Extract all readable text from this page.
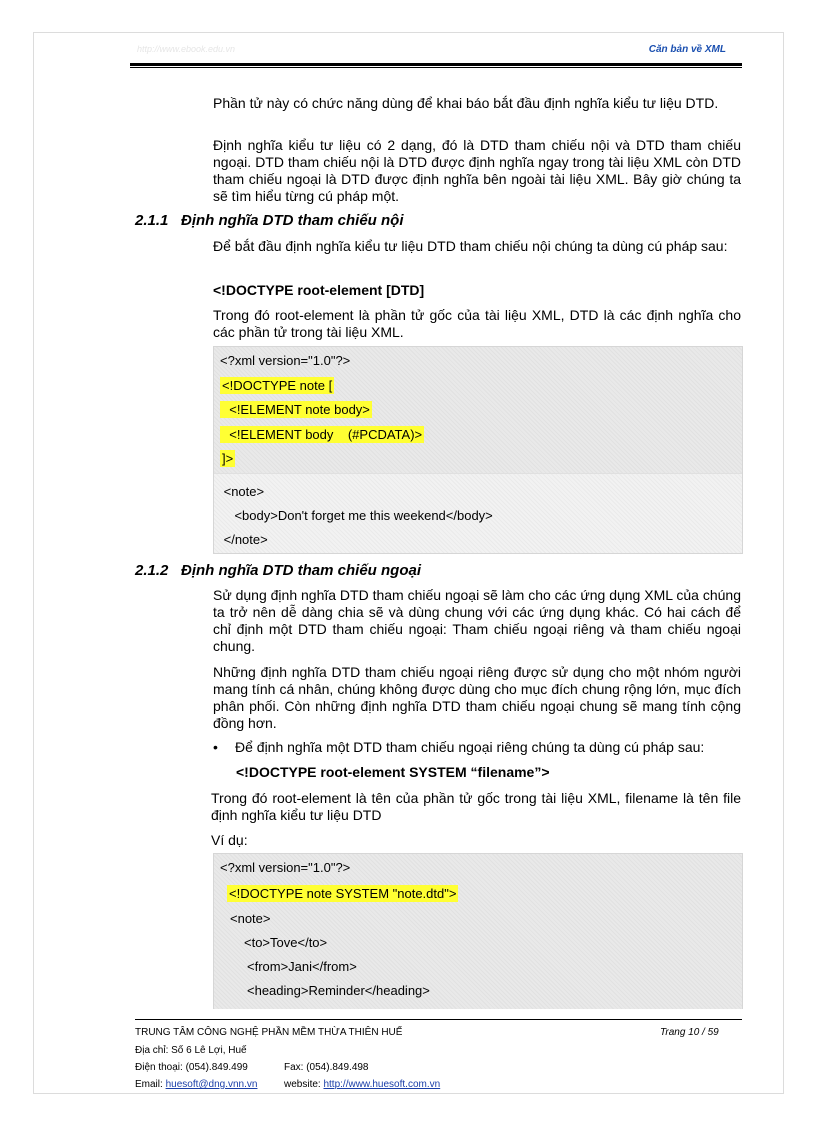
http://www.ebook.edu.vn	Căn bản về XML

Phần tử này có chức năng dùng để khai báo bắt đầu định nghĩa kiểu tư liệu DTD.

Định nghĩa kiểu tư liệu có 2 dạng, đó là DTD tham chiếu nội và DTD tham chiếu ngoại. DTD tham chiếu nội là DTD được định nghĩa ngay trong tài liệu XML còn DTD tham chiếu ngoại là DTD được định nghĩa bên ngoài tài liệu XML. Bây giờ chúng ta sẽ tìm hiểu từng cú pháp một.

2.1.1 Định nghĩa DTD tham chiếu nội

Để bắt đầu định nghĩa kiểu tư liệu DTD tham chiếu nội chúng ta dùng cú pháp sau:

<!DOCTYPE root-element [DTD]

Trong đó root-element là phần tử gốc của tài liệu XML, DTD là các định nghĩa cho các phần tử trong tài liệu XML.

<?xml version="1.0"?>
<!DOCTYPE note [
<!ELEMENT note body>
<!ELEMENT body    (#PCDATA)>
]>
<note>
<body>Don't forget me this weekend</body>
</note>
2.1.2 Định nghĩa DTD tham chiếu ngoại

Sử dụng định nghĩa DTD tham chiếu ngoại sẽ làm cho các ứng dụng XML của chúng ta trở nên dễ dàng chia sẽ và dùng chung với các ứng dụng khác. Có hai cách để chỉ định một DTD tham chiếu ngoại: Tham chiếu ngoại riêng và tham chiếu ngoại chung.

Những định nghĩa DTD tham chiếu ngoại riêng được sử dụng cho một nhóm người mang tính cá nhân, chúng không được dùng cho mục đích chung rộng lớn, mục đích phân phối. Còn những định nghĩa DTD tham chiếu ngoại chung sẽ mang tính cộng đồng hơn.

• Để định nghĩa một DTD tham chiếu ngoại riêng chúng ta dùng cú pháp sau:

<!DOCTYPE root-element SYSTEM “filename”>

Trong đó root-element là tên của phần tử gốc trong tài liệu XML, filename là tên file định nghĩa kiểu tư liệu DTD

Ví dụ:

<?xml version="1.0"?>
<!DOCTYPE note SYSTEM "note.dtd">
<note>
<to>Tove</to>
<from>Jani</from>
<heading>Reminder</heading>
TRUNG TÂM CÔNG NGHỆ PHẦN MỀM THỪA THIÊN HUẾ	Trang 10 / 59
Địa chỉ: Số 6 Lê Lợi, Huế
Điện thoại: (054).849.499	Fax: (054).849.498
Email: huesoft@dng.vnn.vn	website: http://www.huesoft.com.vn
